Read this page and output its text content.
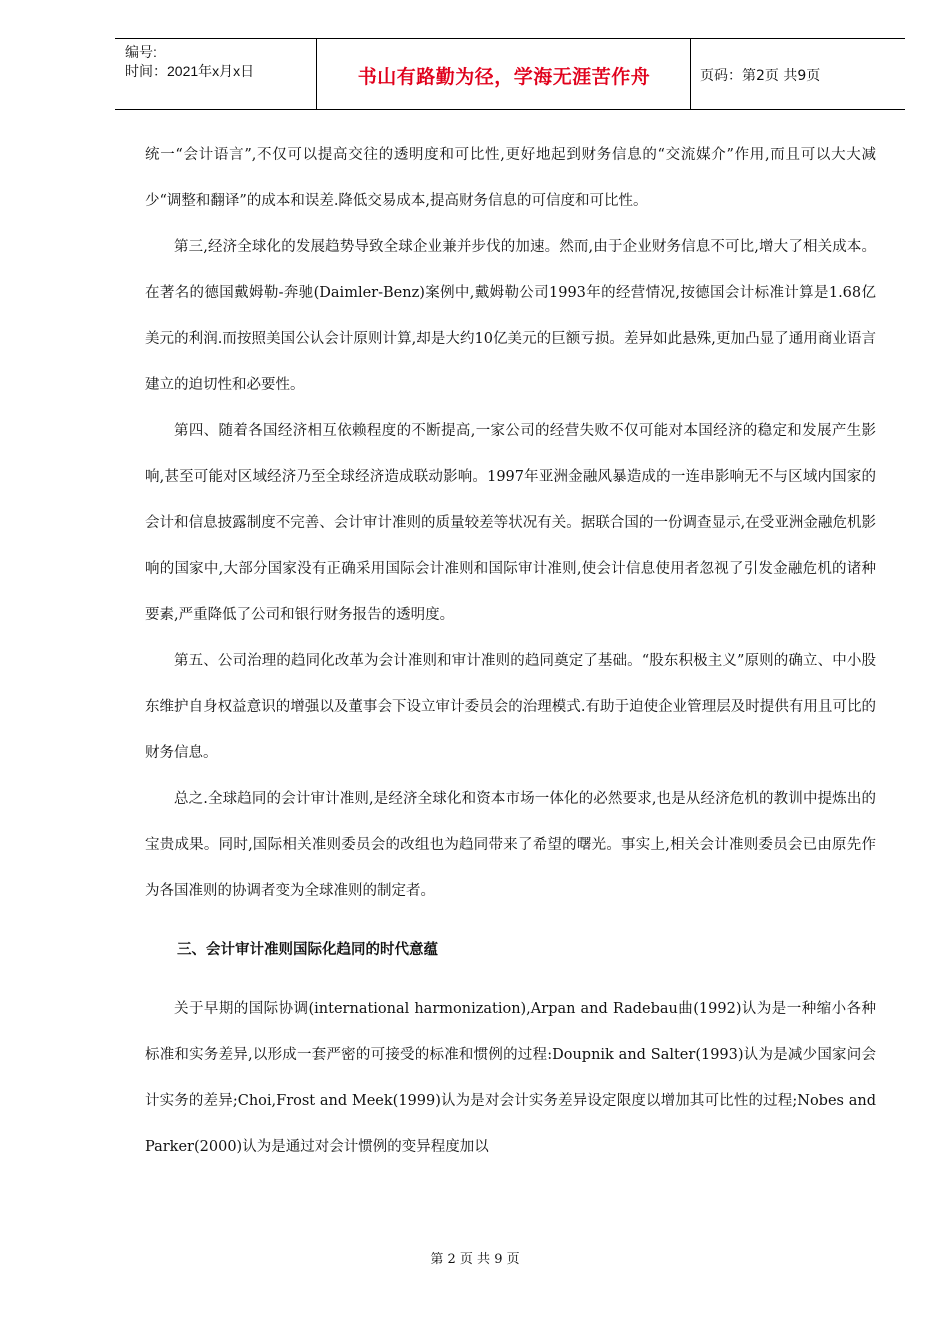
编号:
时间：2021年x月x日	书山有路勤为径，学海无涯苦作舟	页码：第2页 共9页

统一“会计语言”,不仅可以提高交往的透明度和可比性,更好地起到财务信息的“交流媒介”作用,而且可以大大减少“调整和翻译”的成本和误差.降低交易成本,提高财务信息的可信度和可比性。

第三,经济全球化的发展趋势导致全球企业兼并步伐的加速。然而,由于企业财务信息不可比,增大了相关成本。在著名的德国戴姆勒-奔驰(Daimler-Benz)案例中,戴姆勒公司1993年的经营情况,按德国会计标准计算是1.68亿美元的利润.而按照美国公认会计原则计算,却是大约10亿美元的巨额亏损。差异如此悬殊,更加凸显了通用商业语言建立的迫切性和必要性。

第四、随着各国经济相互依赖程度的不断提高,一家公司的经营失败不仅可能对本国经济的稳定和发展产生影响,甚至可能对区域经济乃至全球经济造成联动影响。1997年亚洲金融风暴造成的一连串影响无不与区域内国家的会计和信息披露制度不完善、会计审计准则的质量较差等状况有关。据联合国的一份调查显示,在受亚洲金融危机影响的国家中,大部分国家没有正确采用国际会计准则和国际审计准则,使会计信息使用者忽视了引发金融危机的诸种要素,严重降低了公司和银行财务报告的透明度。

第五、公司治理的趋同化改革为会计准则和审计准则的趋同奠定了基础。“股东积极主义”原则的确立、中小股东维护自身权益意识的增强以及董事会下设立审计委员会的治理模式.有助于迫使企业管理层及时提供有用且可比的财务信息。

总之.全球趋同的会计审计准则,是经济全球化和资本市场一体化的必然要求,也是从经济危机的教训中提炼出的宝贵成果。同时,国际相关准则委员会的改组也为趋同带来了希望的曙光。事实上,相关会计准则委员会已由原先作为各国准则的协调者变为全球准则的制定者。

三、会计审计准则国际化趋同的时代意蕴

关于早期的国际协调(international harmonization),Arpan and Radebau曲(1992)认为是一种缩小各种标准和实务差异,以形成一套严密的可接受的标准和惯例的过程:Doupnik and Salter(1993)认为是减少国家问会计实务的差异;Choi,Frost and Meek(1999)认为是对会计实务差异设定限度以增加其可比性的过程;Nobes and Parker(2000)认为是通过对会计惯例的变异程度加以

第 2 页 共 9 页
